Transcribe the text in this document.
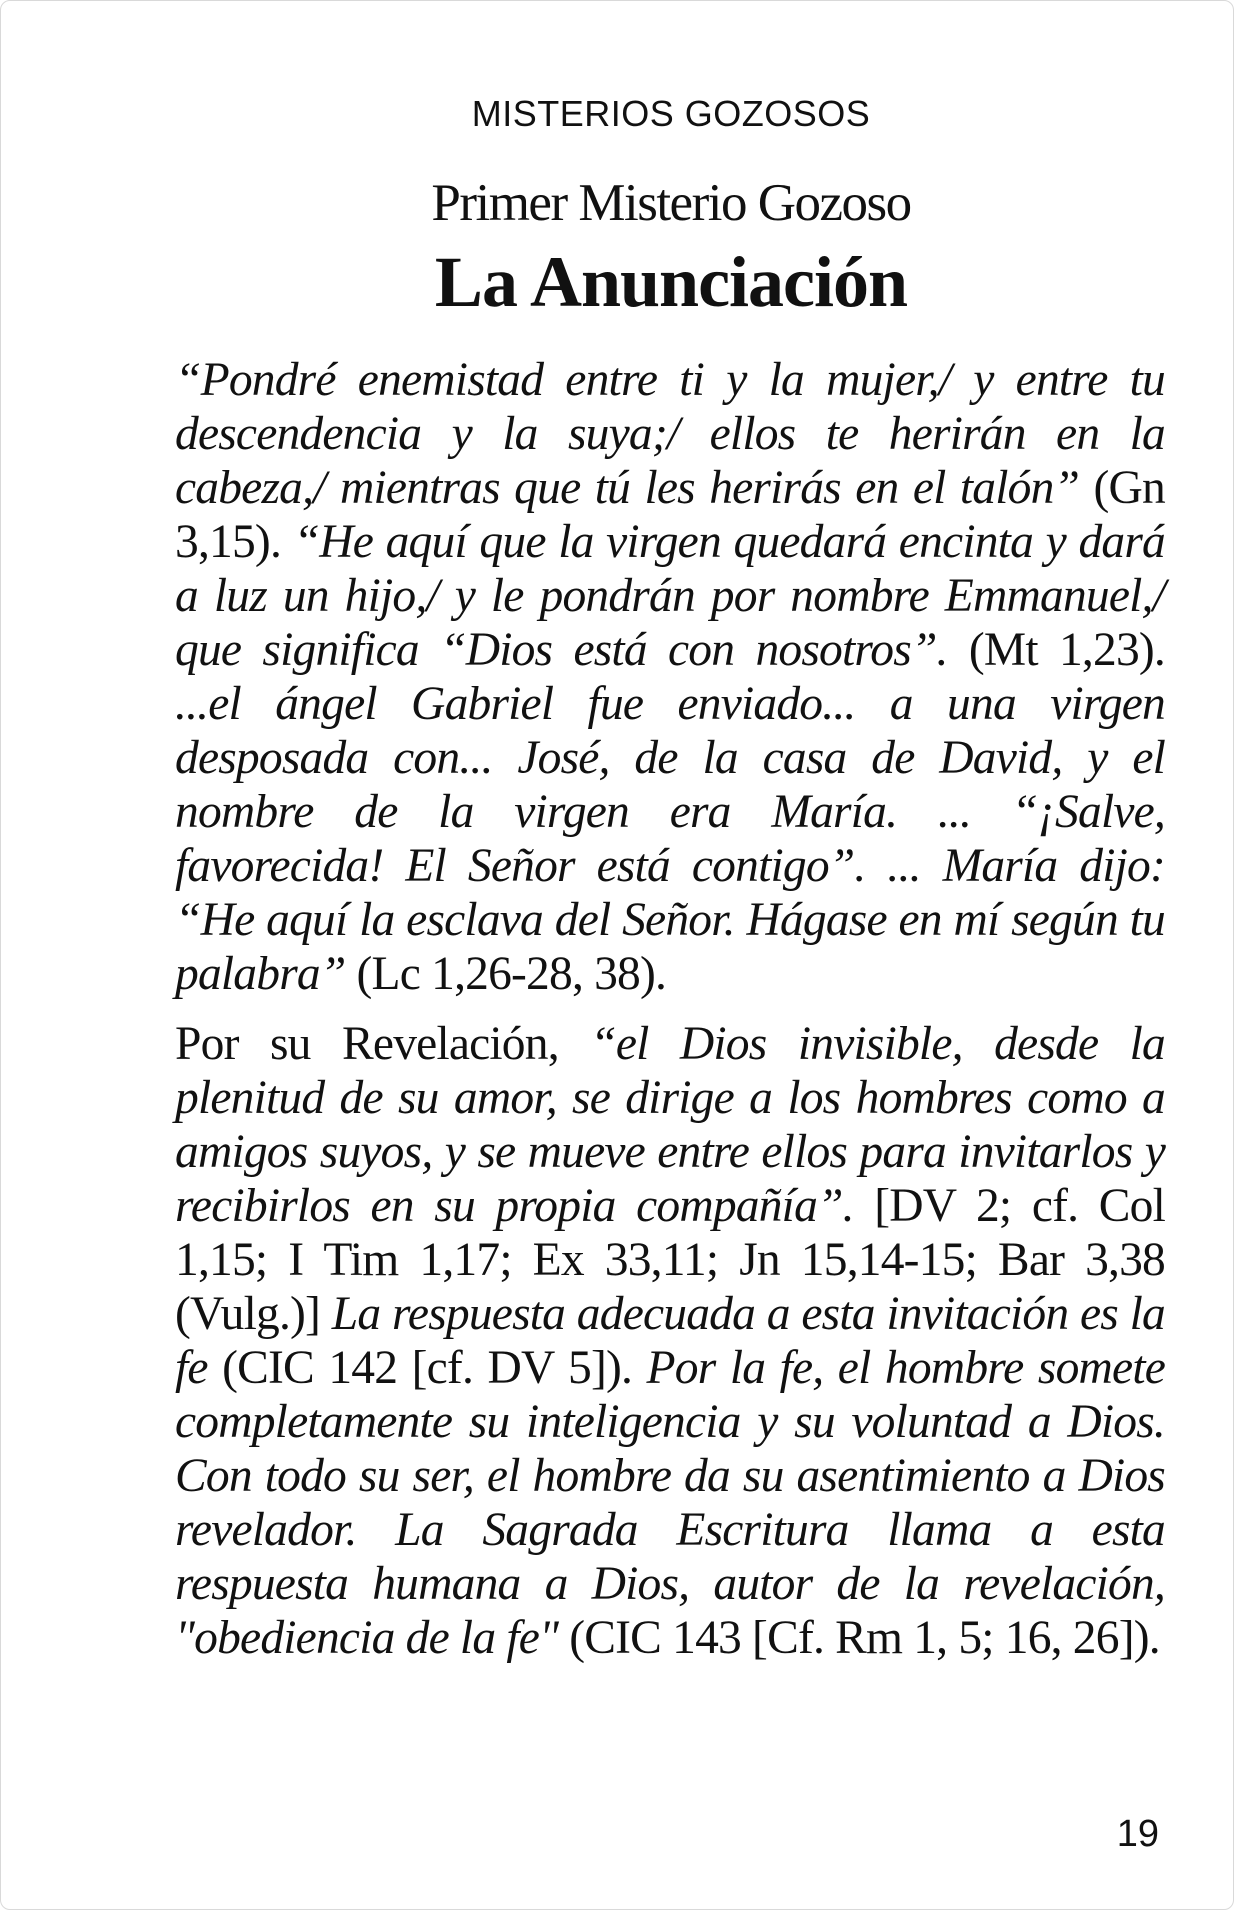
MISTERIOS GOZOSOS
Primer Misterio Gozoso
La Anunciación

“Pondré enemistad entre ti y la mujer,/ y entre tu descendencia y la suya;/ ellos te herirán en la cabeza,/ mientras que tú les herirás en el talón” (Gn 3,15). “He aquí que la virgen quedará encinta y dará a luz un hijo,/ y le pondrán por nombre Emmanuel,/ que significa “Dios está con nosotros”. (Mt 1,23). ...el ángel Gabriel fue enviado... a una virgen desposada con... José, de la casa de David, y el nombre de la virgen era María. ... “¡Salve, favorecida! El Señor está contigo”. ... María dijo: “He aquí la esclava del Señor. Hágase en mí según tu palabra” (Lc 1,26-28, 38).

Por su Revelación, “el Dios invisible, desde la plenitud de su amor, se dirige a los hombres como a amigos suyos, y se mueve entre ellos para invitarlos y recibirlos en su propia compañía”. [DV 2; cf. Col 1,15; I Tim 1,17; Ex 33,11; Jn 15,14-15; Bar 3,38 (Vulg.)] La respuesta adecuada a esta invitación es la fe (CIC 142 [cf. DV 5]). Por la fe, el hombre somete completamente su inteligencia y su voluntad a Dios. Con todo su ser, el hombre da su asentimiento a Dios revelador. La Sagrada Escritura llama a esta respuesta humana a Dios, autor de la revelación, "obediencia de la fe" (CIC 143 [Cf. Rm 1, 5; 16, 26]).

19
